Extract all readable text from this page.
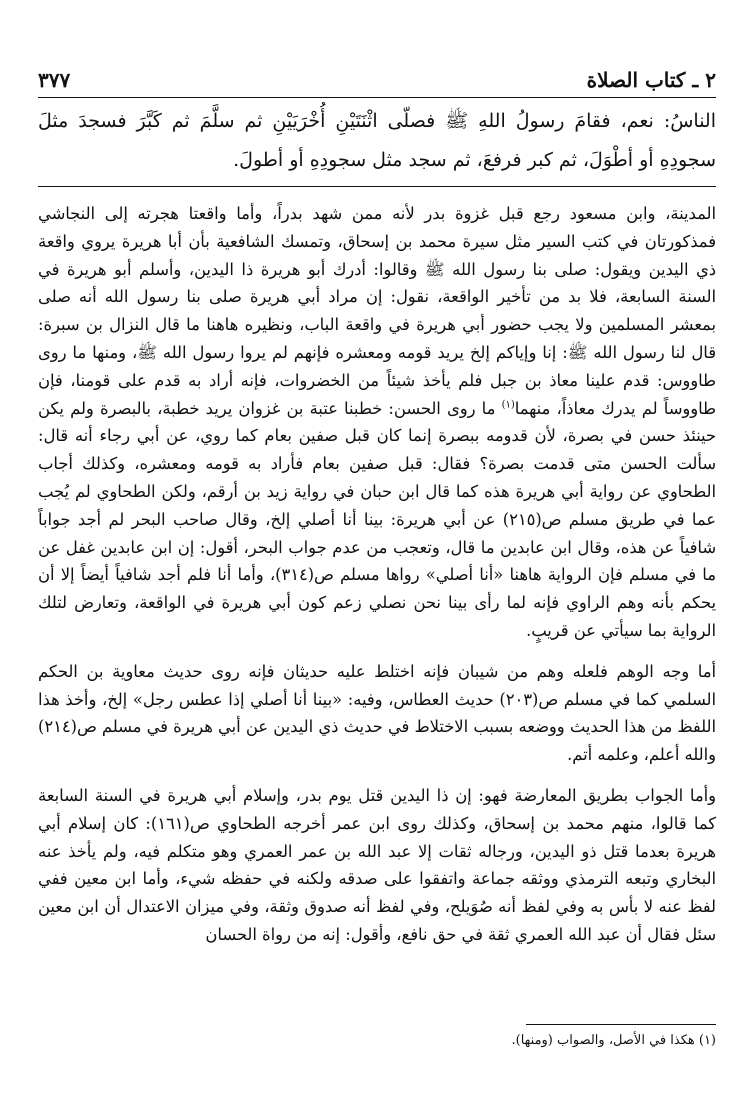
٢ ـ كتاب الصلاة
٣٧٧
الناسُ: نعم، فقامَ رسولُ اللهِ ﷺ فصلّى اثْنَتَيْنِ أُخْرَيَيْنِ ثم سلَّمَ ثم كَبَّرَ فسجدَ مثلَ سجودِهِ أو أطْوَلَ، ثم كبر فرفعَ، ثم سجد مثل سجودِهِ أو أطولَ.

المدينة، وابن مسعود رجع قبل غزوة بدر لأنه ممن شهد بدراً، وأما واقعتا هجرته إلى النجاشي فمذكورتان في كتب السير مثل سيرة محمد بن إسحاق، وتمسك الشافعية بأن أبا هريرة يروي واقعة ذي اليدين ويقول: صلى بنا رسول الله ﷺ وقالوا: أدرك أبو هريرة ذا اليدين، وأسلم أبو هريرة في السنة السابعة، فلا بد من تأخير الواقعة، نقول: إن مراد أبي هريرة صلى بنا رسول الله أنه صلى بمعشر المسلمين ولا يجب حضور أبي هريرة في واقعة الباب، ونظيره هاهنا ما قال النزال بن سبرة: قال لنا رسول الله ﷺ: إنا وإياكم إلخ يريد قومه ومعشره فإنهم لم يروا رسول الله ﷺ، ومنها ما روى طاووس: قدم علينا معاذ بن جبل فلم يأخذ شيئاً من الخضروات، فإنه أراد به قدم على قومنا، فإن طاووساً لم يدرك معاذاً، منهما$^{(١)}$ ما روى الحسن: خطبنا عتبة بن غزوان يريد خطبة، بالبصرة ولم يكن حينئذ حسن في بصرة، لأن قدومه ببصرة إنما كان قبل صفين بعام كما روي، عن أبي رجاء أنه قال: سألت الحسن متى قدمت بصرة؟ فقال: قبل صفين بعام فأراد به قومه ومعشره، وكذلك أجاب الطحاوي عن رواية أبي هريرة هذه كما قال ابن حبان في رواية زيد بن أرقم، ولكن الطحاوي لم يُجب عما في طريق مسلم ص(٢١٥) عن أبي هريرة: بينا أنا أصلي إلخ، وقال صاحب البحر لم أجد جواباً شافياً عن هذه، وقال ابن عابدين ما قال، وتعجب من عدم جواب البحر، أقول: إن ابن عابدين غفل عن ما في مسلم فإن الرواية هاهنا «أنا أصلي» رواها مسلم ص(٣١٤)، وأما أنا فلم أجد شافياً أيضاً إلا أن يحكم بأنه وهم الراوي فإنه لما رأى بينا نحن نصلي زعم كون أبي هريرة في الواقعة، وتعارض لتلك الرواية بما سيأتي عن قريبٍ.

أما وجه الوهم فلعله وهم من شيبان فإنه اختلط عليه حديثان فإنه روى حديث معاوية بن الحكم السلمي كما في مسلم ص(٢٠٣) حديث العطاس، وفيه: «بينا أنا أصلي إذا عطس رجل» إلخ، وأخذ هذا اللفظ من هذا الحديث ووضعه بسبب الاختلاط في حديث ذي اليدين عن أبي هريرة في مسلم ص(٢١٤) والله أعلم، وعلمه أتم.

وأما الجواب بطريق المعارضة فهو: إن ذا اليدين قتل يوم بدر، وإسلام أبي هريرة في السنة السابعة كما قالوا، منهم محمد بن إسحاق، وكذلك روى ابن عمر أخرجه الطحاوي ص(١٦١): كان إسلام أبي هريرة بعدما قتل ذو اليدين، ورجاله ثقات إلا عبد الله بن عمر العمري وهو متكلم فيه، ولم يأخذ عنه البخاري وتبعه الترمذي ووثقه جماعة واتفقوا على صدقه ولكنه في حفظه شيء، وأما ابن معين ففي لفظ عنه لا بأس به وفي لفظ أنه صُوَيلح، وفي لفظ أنه صدوق وثقة، وفي ميزان الاعتدال أن ابن معين سئل فقال أن عبد الله العمري ثقة في حق نافع، وأقول: إنه من رواة الحسان

(١) هكذا في الأصل، والصواب (ومنها).
